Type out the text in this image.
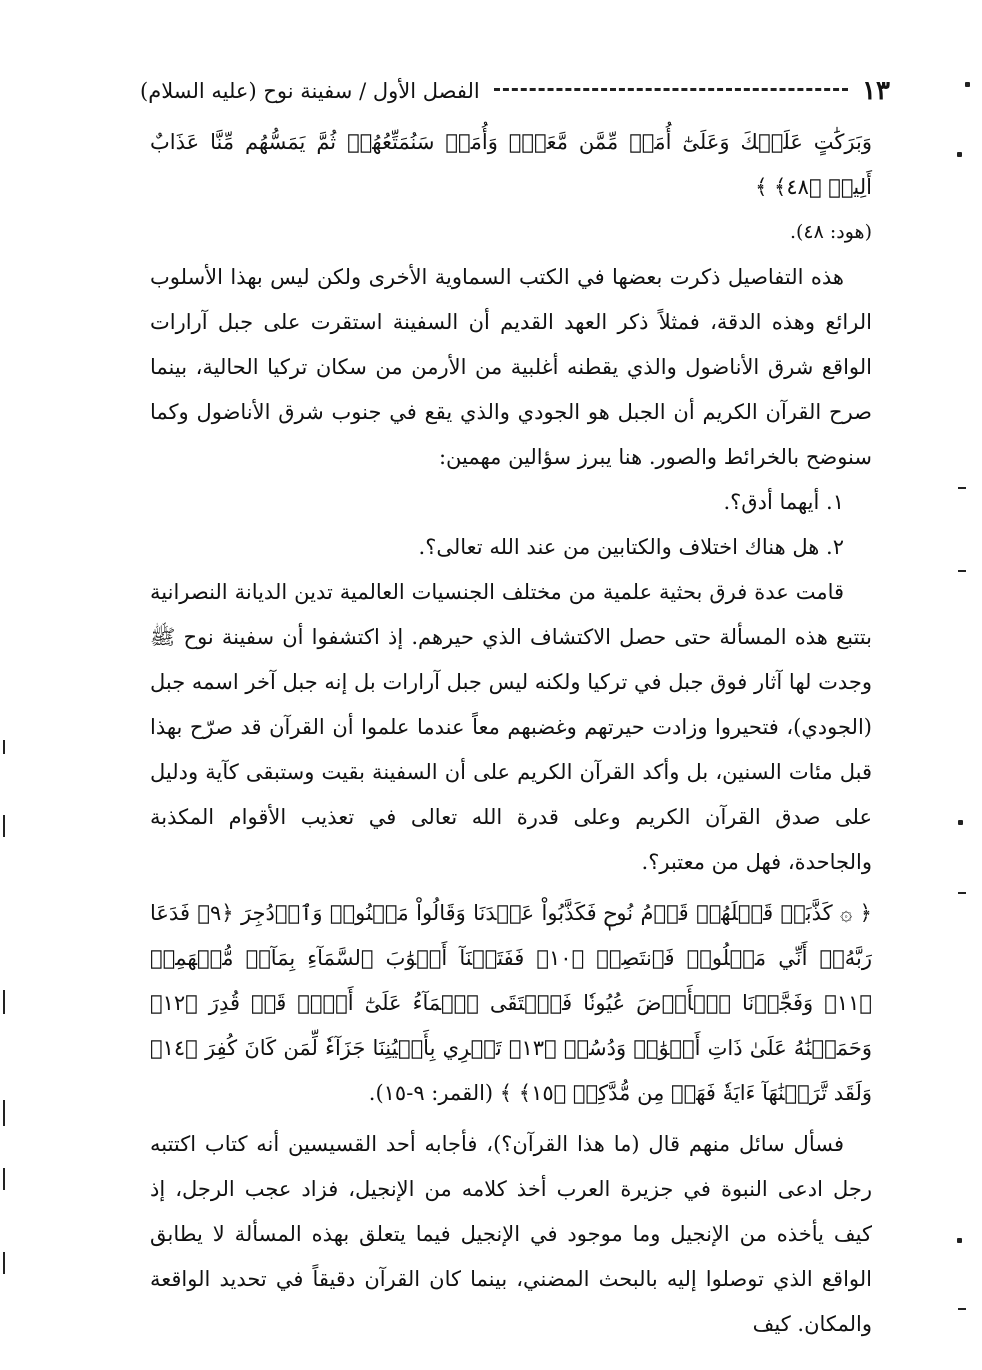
الفصل الأول / سفينة نوح (عليه السلام)	١٣

وَبَرَكَٰتٍ عَلَيۡكَ وَعَلَىٰٓ أُمَمٖ مِّمَّن مَّعَكَۚ وَأُمَمٞ سَنُمَتِّعُهُمۡ ثُمَّ يَمَسُّهُم مِّنَّا عَذَابٌ أَلِيمٞ ﴿٤٨﴾ ﴾

(هود: ٤٨).

هذه التفاصيل ذكرت بعضها في الكتب السماوية الأخرى ولكن ليس بهذا الأسلوب الرائع وهذه الدقة، فمثلاً ذكر العهد القديم أن السفينة استقرت على جبل آرارات الواقع شرق الأناضول والذي يقطنه أغلبية من الأرمن من سكان تركيا الحالية، بينما صرح القرآن الكريم أن الجبل هو الجودي والذي يقع في جنوب شرق الأناضول وكما سنوضح بالخرائط والصور. هنا يبرز سؤالين مهمين:

١. أيهما أدق؟.

٢. هل هناك اختلاف والكتابين من عند الله تعالى؟.

قامت عدة فرق بحثية علمية من مختلف الجنسيات العالمية تدين الديانة النصرانية بتتبع هذه المسألة حتى حصل الاكتشاف الذي حيرهم. إذ اكتشفوا أن سفينة نوح ﷺ وجدت لها آثار فوق جبل في تركيا ولكنه ليس جبل آرارات بل إنه جبل آخر اسمه جبل (الجودي)، فتحيروا وزادت حيرتهم وغضبهم معاً عندما علموا أن القرآن قد صرّح بهذا قبل مئات السنين، بل وأكد القرآن الكريم على أن السفينة بقيت وستبقى كآية ودليل على صدق القرآن الكريم وعلى قدرة الله تعالى في تعذيب الأقوام المكذبة والجاحدة، فهل من معتبر؟.

﴿ ۞ كَذَّبَتۡ قَبۡلَهُمۡ قَوۡمُ نُوحٖ فَكَذَّبُواْ عَبۡدَنَا وَقَالُواْ مَجۡنُونٞ وَٱزۡدُجِرَ ﴿٩﴾ فَدَعَا رَبَّهُۥٓ أَنِّي مَغۡلُوبٞ فَٱنتَصِرۡ ﴿١٠﴾ فَفَتَحۡنَآ أَبۡوَٰبَ ٱلسَّمَآءِ بِمَآءٖ مُّنۡهَمِرٖ ﴿١١﴾ وَفَجَّرۡنَا ٱلۡأَرۡضَ عُيُونٗا فَٱلۡتَقَى ٱلۡمَآءُ عَلَىٰٓ أَمۡرٖ قَدۡ قُدِرَ ﴿١٢﴾ وَحَمَلۡنَٰهُ عَلَىٰ ذَاتِ أَلۡوَٰحٖ وَدُسُرٖ ﴿١٣﴾ تَجۡرِي بِأَعۡيُنِنَا جَزَآءٗ لِّمَن كَانَ كُفِرَ ﴿١٤﴾ وَلَقَد تَّرَكۡنَٰهَآ ءَايَةٗ فَهَلۡ مِن مُّدَّكِرٖ ﴿١٥﴾ ﴾ (القمر: ٩-١٥).

فسأل سائل منهم قال (ما هذا القرآن؟)، فأجابه أحد القسيسين أنه كتاب اكتتبه رجل ادعى النبوة في جزيرة العرب أخذ كلامه من الإنجيل، فزاد عجب الرجل، إذ كيف يأخذه من الإنجيل وما موجود في الإنجيل فيما يتعلق بهذه المسألة لا يطابق الواقع الذي توصلوا إليه بالبحث المضني، بينما كان القرآن دقيقاً في تحديد الواقعة والمكان. كيف
